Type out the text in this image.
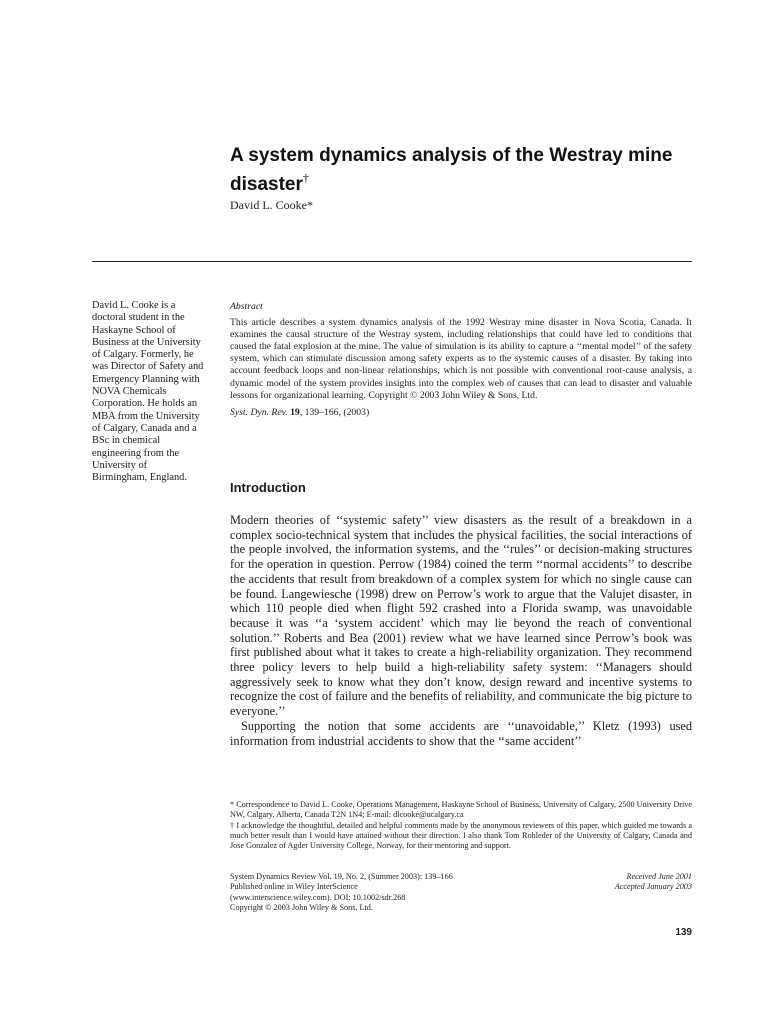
A system dynamics analysis of the Westray mine disaster†
David L. Cooke*
David L. Cooke is a doctoral student in the Haskayne School of Business at the University of Calgary. Formerly, he was Director of Safety and Emergency Planning with NOVA Chemicals Corporation. He holds an MBA from the University of Calgary, Canada and a BSc in chemical engineering from the University of Birmingham, England.
Abstract

This article describes a system dynamics analysis of the 1992 Westray mine disaster in Nova Scotia, Canada. It examines the causal structure of the Westray system, including relationships that could have led to conditions that caused the fatal explosion at the mine. The value of simulation is its ability to capture a ‘‘mental model’’ of the safety system, which can stimulate discussion among safety experts as to the systemic causes of a disaster. By taking into account feedback loops and non-linear relationships, which is not possible with conventional root-cause analysis, a dynamic model of the system provides insights into the complex web of causes that can lead to disaster and valuable lessons for organizational learning. Copyright © 2003 John Wiley & Sons, Ltd.

Syst. Dyn. Rev. 19, 139–166, (2003)
Introduction

Modern theories of ‘‘systemic safety’’ view disasters as the result of a breakdown in a complex socio-technical system that includes the physical facilities, the social interactions of the people involved, the information systems, and the ‘‘rules’’ or decision-making structures for the operation in question. Perrow (1984) coined the term ‘‘normal accidents’’ to describe the accidents that result from breakdown of a complex system for which no single cause can be found. Langewiesche (1998) drew on Perrow’s work to argue that the Valujet disaster, in which 110 people died when flight 592 crashed into a Florida swamp, was unavoidable because it was ‘‘a ‘system accident’ which may lie beyond the reach of conventional solution.’’ Roberts and Bea (2001) review what we have learned since Perrow’s book was first published about what it takes to create a high-reliability organization. They recommend three policy levers to help build a high-reliability safety system: ‘‘Managers should aggressively seek to know what they don’t know, design reward and incentive systems to recognize the cost of failure and the benefits of reliability, and communicate the big picture to everyone.’’

Supporting the notion that some accidents are ‘‘unavoidable,’’ Kletz (1993) used information from industrial accidents to show that the ‘‘same accident’’

* Correspondence to David L. Cooke, Operations Management, Haskayne School of Business, University of Calgary, 2500 University Drive NW, Calgary, Alberta, Canada T2N 1N4; E-mail: dlcooke@ucalgary.ca

† I acknowledge the thoughtful, detailed and helpful comments made by the anonymous reviewers of this paper, which guided me towards a much better result than I would have attained without their direction. I also thank Tom Rohleder of the University of Calgary, Canada and Jose Gonzalez of Agder University College, Norway, for their mentoring and support.

System Dynamics Review Vol. 19, No. 2, (Summer 2003): 139–166
Published online in Wiley InterScience
(www.interscience.wiley.com). DOI: 10.1002/sdr.268
Copyright © 2003 John Wiley & Sons, Ltd.
Received June 2001
Accepted January 2003
139
